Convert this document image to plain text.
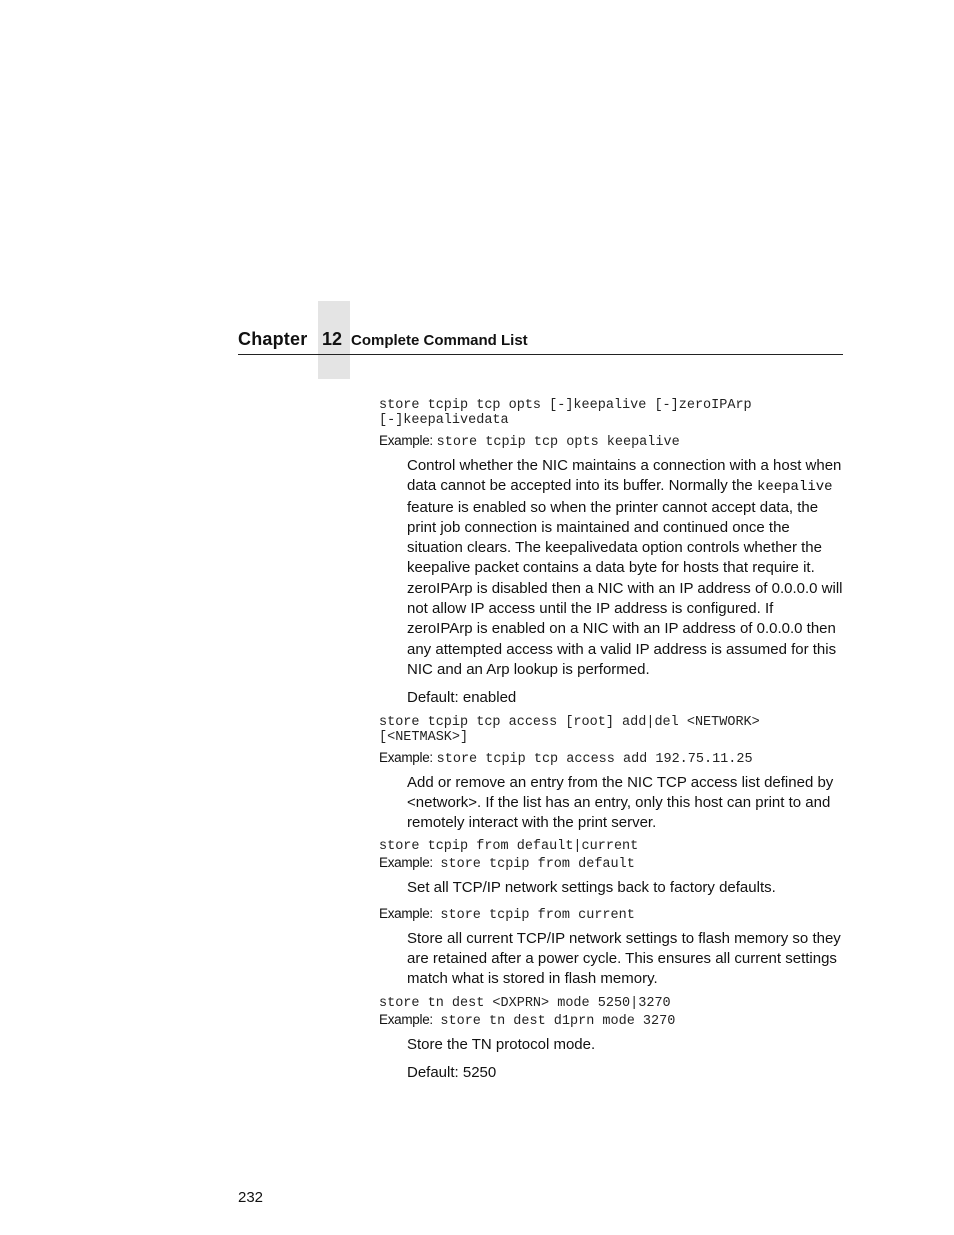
Chapter 12 Complete Command List
store tcpip tcp opts [-]keepalive [-]zeroIPArp
[-]keepalivedata
Example: store tcpip tcp opts keepalive
Control whether the NIC maintains a connection with a host when data cannot be accepted into its buffer. Normally the keepalive feature is enabled so when the printer cannot accept data, the print job connection is maintained and continued once the situation clears. The keepalivedata option controls whether the keepalive packet contains a data byte for hosts that require it. zeroIPArp is disabled then a NIC with an IP address of 0.0.0.0 will not allow IP access until the IP address is configured. If zeroIPArp is enabled on a NIC with an IP address of 0.0.0.0 then any attempted access with a valid IP address is assumed for this NIC and an Arp lookup is performed.
Default: enabled
store tcpip tcp access [root] add|del <NETWORK>
[<NETMASK>]
Example: store tcpip tcp access add 192.75.11.25
Add or remove an entry from the NIC TCP access list defined by <network>. If the list has an entry, only this host can print to and remotely interact with the print server.
store tcpip from default|current
Example: store tcpip from default
Set all TCP/IP network settings back to factory defaults.
Example: store tcpip from current
Store all current TCP/IP network settings to flash memory so they are retained after a power cycle. This ensures all current settings match what is stored in flash memory.
store tn dest <DXPRN> mode 5250|3270
Example: store tn dest d1prn mode 3270
Store the TN protocol mode.
Default: 5250
232
